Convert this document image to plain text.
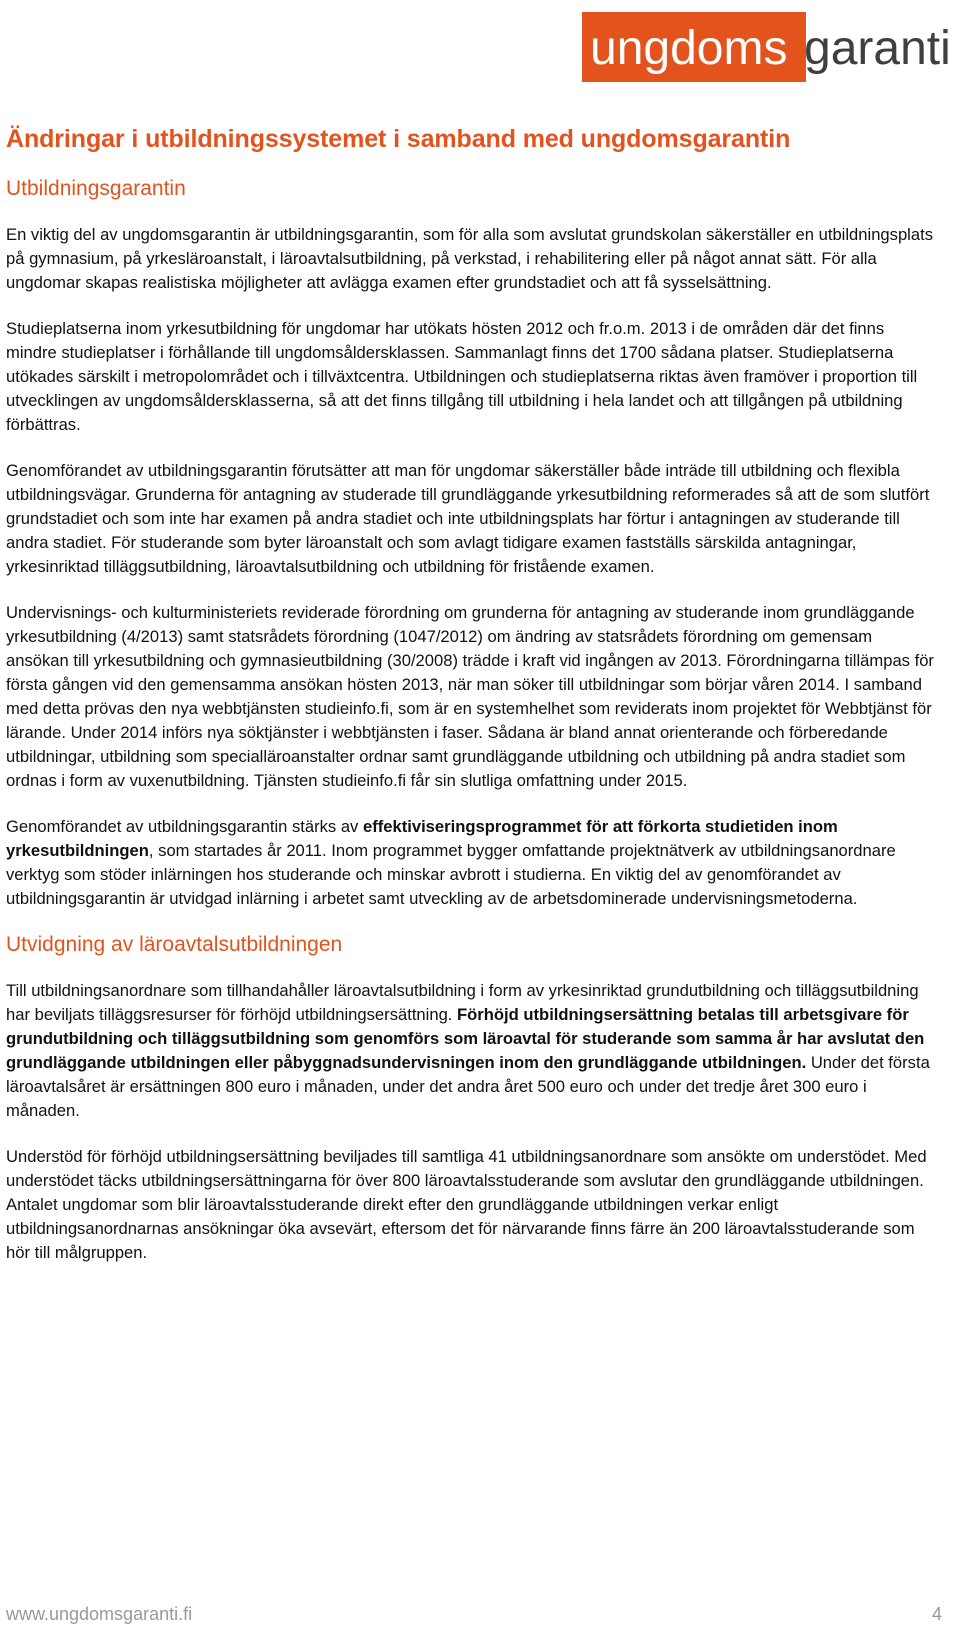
ungdoms garanti
Ändringar i utbildningssystemet i samband med ungdomsgarantin
Utbildningsgarantin

En viktig del av ungdomsgarantin är utbildningsgarantin, som för alla som avslutat grundskolan säkerställer en utbildningsplats på gymnasium, på yrkesläroanstalt, i läroavtalsutbildning, på verkstad, i rehabilitering eller på något annat sätt. För alla ungdomar skapas realistiska möjligheter att avlägga examen efter grundstadiet och att få sysselsättning.

Studieplatserna inom yrkesutbildning för ungdomar har utökats hösten 2012 och fr.o.m. 2013 i de områden där det finns mindre studieplatser i förhållande till ungdomsåldersklassen. Sammanlagt finns det 1700 sådana platser. Studieplatserna utökades särskilt i metropolområdet och i tillväxtcentra. Utbildningen och studieplatserna riktas även framöver i proportion till utvecklingen av ungdomsåldersklasserna, så att det finns tillgång till utbildning i hela landet och att tillgången på utbildning förbättras.

Genomförandet av utbildningsgarantin förutsätter att man för ungdomar säkerställer både inträde till utbildning och flexibla utbildningsvägar. Grunderna för antagning av studerade till grundläggande yrkesutbildning reformerades så att de som slutfört grundstadiet och som inte har examen på andra stadiet och inte utbildningsplats har förtur i antagningen av studerande till andra stadiet. För studerande som byter läroanstalt och som avlagt tidigare examen fastställs särskilda antagningar, yrkesinriktad tilläggsutbildning, läroavtalsutbildning och utbildning för fristående examen.

Undervisnings- och kulturministeriets reviderade förordning om grunderna för antagning av studerande inom grundläggande yrkesutbildning (4/2013) samt statsrådets förordning (1047/2012) om ändring av statsrådets förordning om gemensam ansökan till yrkesutbildning och gymnasieutbildning (30/2008) trädde i kraft vid ingången av 2013. Förordningarna tillämpas för första gången vid den gemensamma ansökan hösten 2013, när man söker till utbildningar som börjar våren 2014. I samband med detta prövas den nya webbtjänsten studieinfo.fi, som är en systemhelhet som reviderats inom projektet för Webbtjänst för lärande. Under 2014 införs nya söktjänster i webbtjänsten i faser. Sådana är bland annat orienterande och förberedande utbildningar, utbildning som specialläroanstalter ordnar samt grundläggande utbildning och utbildning på andra stadiet som ordnas i form av vuxenutbildning. Tjänsten studieinfo.fi får sin slutliga omfattning under 2015.

Genomförandet av utbildningsgarantin stärks av effektiviseringsprogrammet för att förkorta studietiden inom yrkesutbildningen, som startades år 2011. Inom programmet bygger omfattande projektnätverk av utbildningsanordnare verktyg som stöder inlärningen hos studerande och minskar avbrott i studierna. En viktig del av genomförandet av utbildningsgarantin är utvidgad inlärning i arbetet samt utveckling av de arbetsdominerade undervisningsmetoderna.

Utvidgning av läroavtalsutbildningen

Till utbildningsanordnare som tillhandahåller läroavtalsutbildning i form av yrkesinriktad grundutbildning och tilläggsutbildning har beviljats tilläggsresurser för förhöjd utbildningsersättning. Förhöjd utbildningsersättning betalas till arbetsgivare för grundutbildning och tilläggsutbildning som genomförs som läroavtal för studerande som samma år har avslutat den grundläggande utbildningen eller påbyggnadsundervisningen inom den grundläggande utbildningen. Under det första läroavtalsåret är ersättningen 800 euro i månaden, under det andra året 500 euro och under det tredje året 300 euro i månaden.

Understöd för förhöjd utbildningsersättning beviljades till samtliga 41 utbildningsanordnare som ansökte om understödet. Med understödet täcks utbildningsersättningarna för över 800 läroavtalsstuderande som avslutar den grundläggande utbildningen. Antalet ungdomar som blir läroavtalsstuderande direkt efter den grundläggande utbildningen verkar enligt utbildningsanordnarnas ansökningar öka avsevärt, eftersom det för närvarande finns färre än 200 läroavtalsstuderande som hör till målgruppen.

www.ungdomsgaranti.fi	4
